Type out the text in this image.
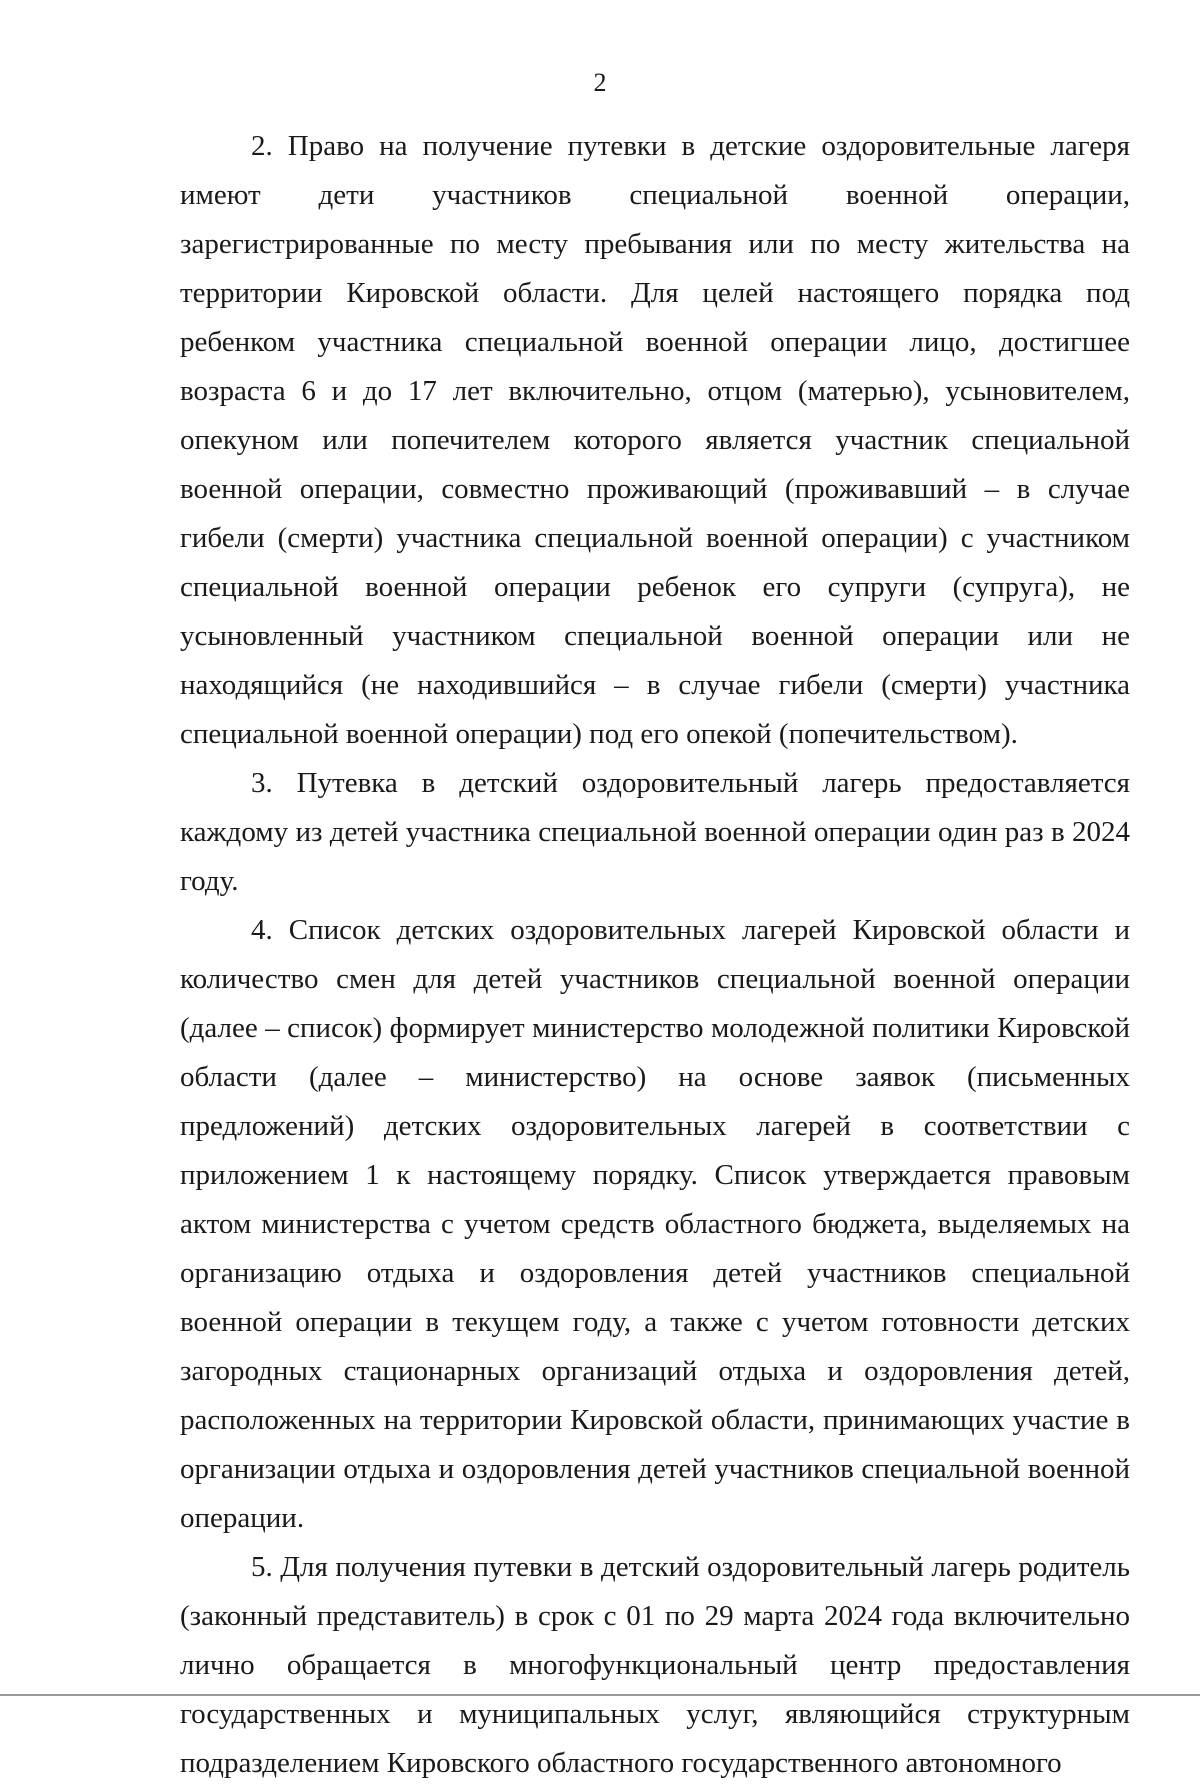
2

2. Право на получение путевки в детские оздоровительные лагеря имеют дети участников специальной военной операции, зарегистрированные по месту пребывания или по месту жительства на территории Кировской области. Для целей настоящего порядка под ребенком участника специальной военной операции лицо, достигшее возраста 6 и до 17 лет включительно, отцом (матерью), усыновителем, опекуном или попечителем которого является участник специальной военной операции, совместно проживающий (проживавший – в случае гибели (смерти) участника специальной военной операции) с участником специальной военной операции ребенок его супруги (супруга), не усыновленный участником специальной военной операции или не находящийся (не находившийся – в случае гибели (смерти) участника специальной военной операции) под его опекой (попечительством).

3. Путевка в детский оздоровительный лагерь предоставляется каждому из детей участника специальной военной операции один раз в 2024 году.

4. Список детских оздоровительных лагерей Кировской области и количество смен для детей участников специальной военной операции (далее – список) формирует министерство молодежной политики Кировской области (далее – министерство) на основе заявок (письменных предложений) детских оздоровительных лагерей в соответствии с приложением 1 к настоящему порядку. Список утверждается правовым актом министерства с учетом средств областного бюджета, выделяемых на организацию отдыха и оздоровления детей участников специальной военной операции в текущем году, а также с учетом готовности детских загородных стационарных организаций отдыха и оздоровления детей, расположенных на территории Кировской области, принимающих участие в организации отдыха и оздоровления детей участников специальной военной операции.

5. Для получения путевки в детский оздоровительный лагерь родитель (законный представитель) в срок с 01 по 29 марта 2024 года включительно лично обращается в многофункциональный центр предоставления государственных и муниципальных услуг, являющийся структурным подразделением Кировского областного государственного автономного
